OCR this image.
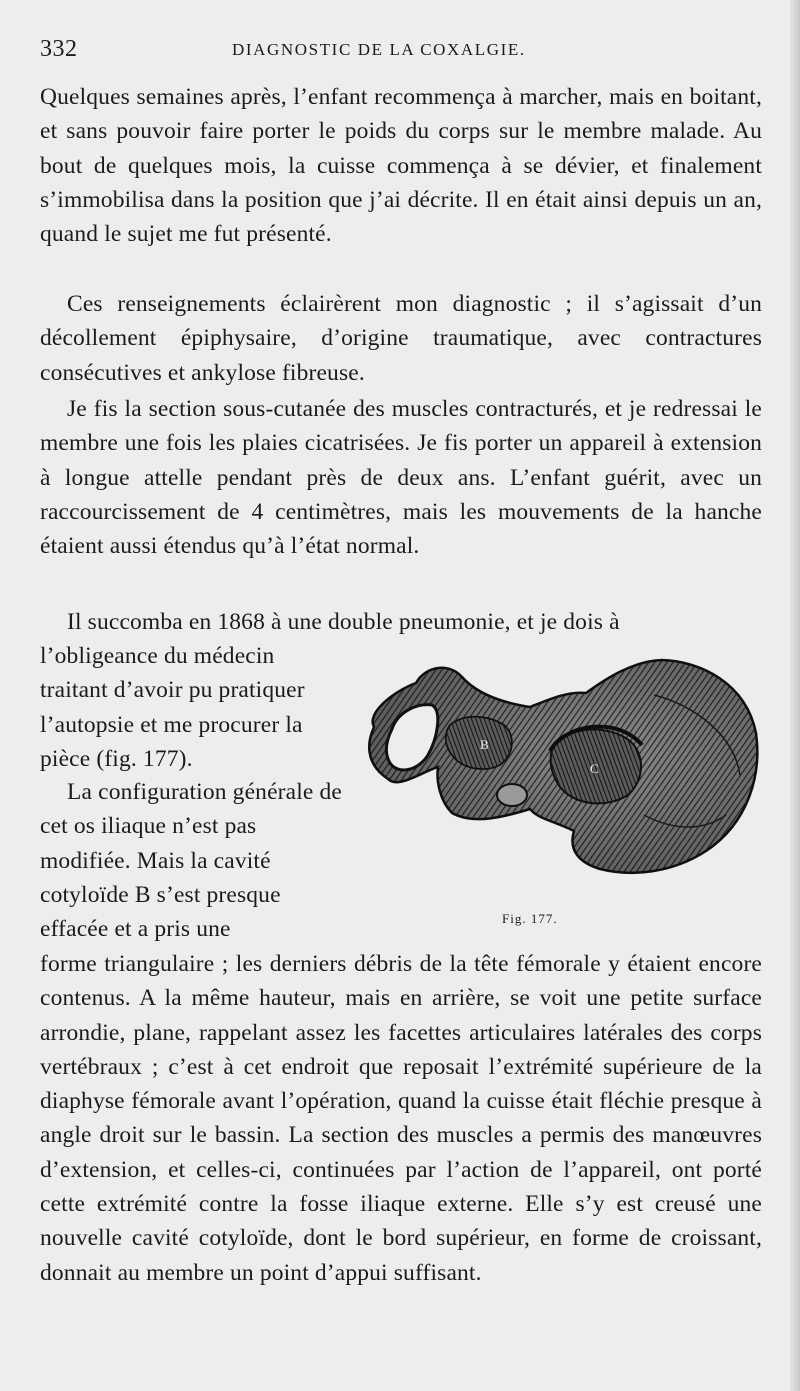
332	DIAGNOSTIC DE LA COXALGIE.

Quelques semaines après, l’enfant recommença à marcher, mais en boitant, et sans pouvoir faire porter le poids du corps sur le membre malade. Au bout de quelques mois, la cuisse commença à se dévier, et finalement s’immobilisa dans la position que j’ai décrite. Il en était ainsi depuis un an, quand le sujet me fut présenté.

Ces renseignements éclairèrent mon diagnostic ; il s’agissait d’un décollement épiphysaire, d’origine traumatique, avec contractures consécutives et ankylose fibreuse.

Je fis la section sous-cutanée des muscles contracturés, et je redressai le membre une fois les plaies cicatrisées. Je fis porter un appareil à extension à longue attelle pendant près de deux ans. L’enfant guérit, avec un raccourcissement de 4 centimètres, mais les mouvements de la hanche étaient aussi étendus qu’à l’état normal.

Il succomba en 1868 à une double pneumonie, et je dois à

l’obligeance du médecin traitant d’avoir pu pratiquer l’autopsie et me procurer la pièce (fig. 177).

La configuration générale de cet os iliaque n’est pas modifiée. Mais la cavité cotyloïde B s’est presque effacée et a pris une

forme triangulaire ; les derniers débris de la tête fémorale y étaient encore contenus. A la même hauteur, mais en arrière, se voit une petite surface arrondie, plane, rappelant assez les facettes articulaires latérales des corps vertébraux ; c’est à cet endroit que reposait l’extrémité supérieure de la diaphyse fémorale avant l’opération, quand la cuisse était fléchie presque à angle droit sur le bassin. La section des muscles a permis des manœuvres d’extension, et celles-ci, continuées par l’action de l’appareil, ont porté cette extrémité contre la fosse iliaque externe. Elle s’y est creusé une nouvelle cavité cotyloïde, dont le bord supérieur, en forme de croissant, donnait au membre un point d’appui suffisant.

B
C
Fig. 177.
